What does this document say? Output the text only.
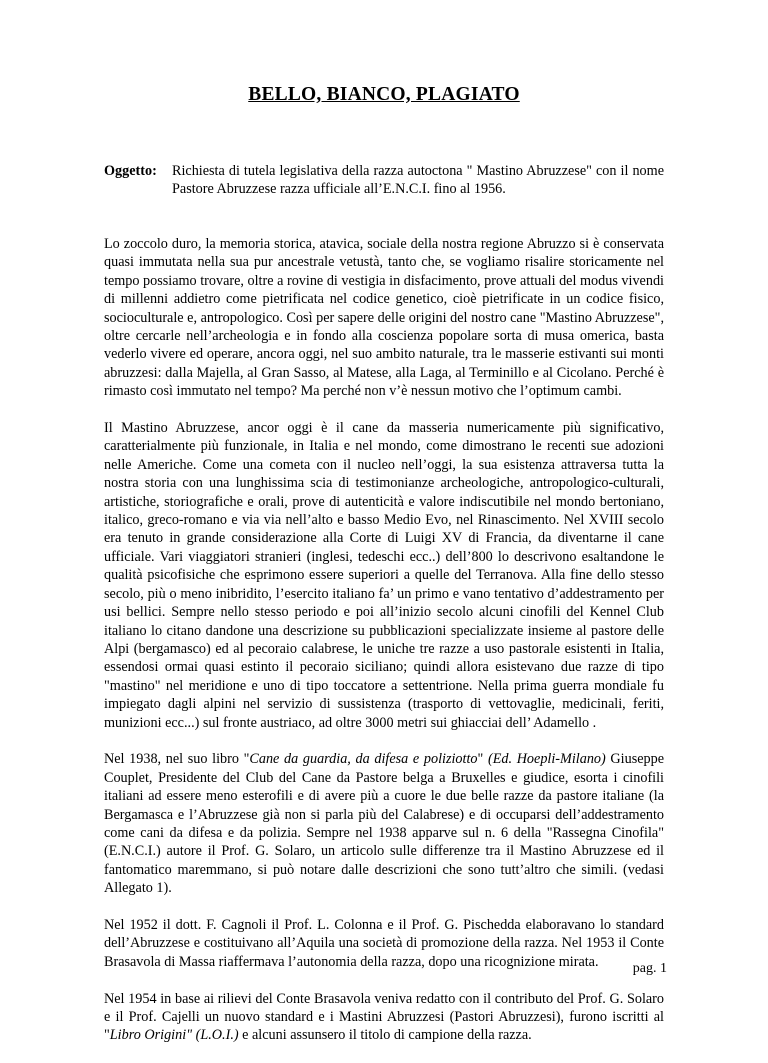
BELLO, BIANCO, PLAGIATO
Oggetto:	Richiesta di tutela legislativa della razza autoctona " Mastino Abruzzese" con il nome Pastore Abruzzese razza ufficiale all’E.N.C.I. fino al 1956.

Lo zoccolo duro, la memoria storica, atavica, sociale della nostra regione Abruzzo si è conservata quasi immutata nella sua pur ancestrale vetustà, tanto che, se vogliamo risalire storicamente nel tempo possiamo trovare, oltre a rovine di vestigia in disfacimento, prove attuali del modus vivendi di millenni addietro come pietrificata nel codice genetico, cioè pietrificate in un codice fisico, socioculturale e, antropologico. Così per sapere delle origini del nostro cane "Mastino Abruzzese", oltre cercarle nell’archeologia e in fondo alla coscienza popolare sorta di musa omerica, basta vederlo vivere ed operare, ancora oggi, nel suo ambito naturale, tra le masserie estivanti sui monti abruzzesi: dalla Majella, al Gran Sasso, al Matese, alla Laga, al Terminillo e al Cicolano. Perché è rimasto così immutato nel tempo? Ma perché non v’è nessun motivo che l’optimum cambi.

Il Mastino Abruzzese, ancor oggi è il cane da masseria numericamente più significativo, caratterialmente più funzionale, in Italia e nel mondo, come dimostrano le recenti sue adozioni nelle Americhe. Come una cometa con il nucleo nell’oggi, la sua esistenza attraversa tutta la nostra storia con una lunghissima scia di testimonianze archeologiche, antropologico-culturali, artistiche, storiografiche e orali, prove di autenticità e valore indiscutibile nel mondo bertoniano, italico, greco-romano e via via nell’alto e basso Medio Evo, nel Rinascimento. Nel XVIII secolo era tenuto in grande considerazione alla Corte di Luigi XV di Francia, da diventarne il cane ufficiale. Vari viaggiatori stranieri (inglesi, tedeschi ecc..) dell’800 lo descrivono esaltandone le qualità psicofisiche che esprimono essere superiori a quelle del Terranova. Alla fine dello stesso secolo, più o meno inibridito, l’esercito italiano fa’ un primo e vano tentativo d’addestramento per usi bellici. Sempre nello stesso periodo e poi all’inizio secolo alcuni cinofili del Kennel Club italiano lo citano dandone una descrizione su pubblicazioni specializzate insieme al pastore delle Alpi (bergamasco) ed al pecoraio calabrese, le uniche tre razze a uso pastorale esistenti in Italia, essendosi ormai quasi estinto il pecoraio siciliano; quindi allora esistevano due razze di tipo "mastino" nel meridione e uno di tipo toccatore a settentrione. Nella prima guerra mondiale fu impiegato dagli alpini nel servizio di sussistenza (trasporto di vettovaglie, medicinali, feriti, munizioni ecc...) sul fronte austriaco, ad oltre 3000 metri sui ghiacciai dell’ Adamello .

Nel 1938, nel suo libro "Cane da guardia, da difesa e poliziotto" (Ed. Hoepli-Milano) Giuseppe Couplet, Presidente del Club del Cane da Pastore belga a Bruxelles e giudice, esorta i cinofili italiani ad essere meno esterofili e di avere più a cuore le due belle razze da pastore italiane (la Bergamasca e l’Abruzzese già non si parla più del Calabrese) e di occuparsi dell’addestramento come cani da difesa e da polizia. Sempre nel 1938 apparve sul n. 6 della "Rassegna Cinofila" (E.N.C.I.) autore il Prof. G. Solaro, un articolo sulle differenze tra il Mastino Abruzzese ed il fantomatico maremmano, si può notare dalle descrizioni che sono tutt’altro che simili. (vedasi Allegato 1).

Nel 1952 il dott. F. Cagnoli il Prof. L. Colonna e il Prof. G. Pischedda elaboravano lo standard dell’Abruzzese e costituivano all’Aquila una società di promozione della razza. Nel 1953 il Conte Brasavola di Massa riaffermava l’autonomia della razza, dopo una ricognizione mirata.

Nel 1954 in base ai rilievi del Conte Brasavola veniva redatto con il contributo del Prof. G. Solaro e il Prof. Cajelli un nuovo standard e i Mastini Abruzzesi (Pastori Abruzzesi), furono iscritti al "Libro Origini" (L.O.I.) e alcuni assunsero il titolo di campione della razza.

pag. 1
